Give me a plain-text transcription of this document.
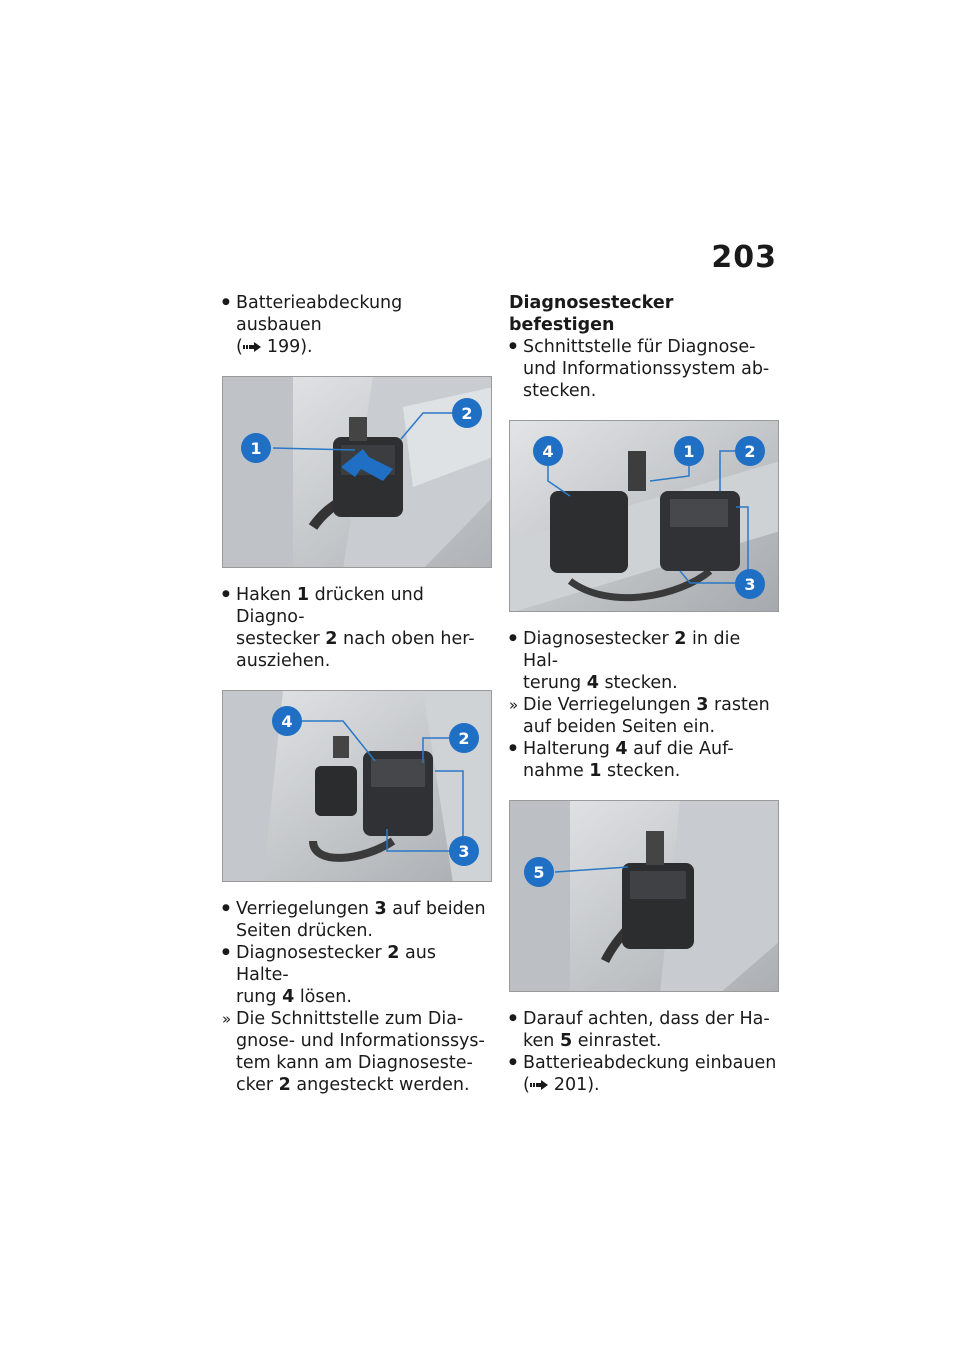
203

●
Batterieabdeckung ausbauen

( 199).

1
2

●
Haken 1 drücken und Diagno-
sestecker 2 nach oben her-
ausziehen.

4
2
3

●
Verriegelungen 3 auf beiden
Seiten drücken.

●
Diagnosestecker 2 aus Halte-
rung 4 lösen.

»
Die Schnittstelle zum Dia-
gnose- und Informationssys-
tem kann am Diagnoseste-
cker 2 angesteckt werden.

Diagnosestecker befestigen

●
Schnittstelle für Diagnose-
und Informationssystem ab-
stecken.

4	1	2
3

●
Diagnosestecker 2 in die Hal-
terung 4 stecken.

»
Die Verriegelungen 3 rasten
auf beiden Seiten ein.

●
Halterung 4 auf die Auf-
nahme 1 stecken.

5

●
Darauf achten, dass der Ha-
ken 5 einrastet.

●
Batterieabdeckung einbauen

( 201).
